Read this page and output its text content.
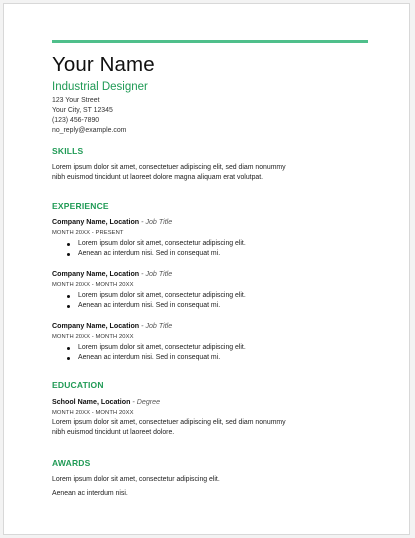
Your Name
Industrial Designer
123 Your Street
Your City, ST 12345
(123) 456-7890
no_reply@example.com
SKILLS
Lorem ipsum dolor sit amet, consectetuer adipiscing elit, sed diam nonummy
nibh euismod tincidunt ut laoreet dolore magna aliquam erat volutpat.
EXPERIENCE
Company Name, Location - Job Title
MONTH 20XX - PRESENT
Lorem ipsum dolor sit amet, consectetur adipiscing elit.
Aenean ac interdum nisi. Sed in consequat mi.
Company Name, Location - Job Title
MONTH 20XX - MONTH 20XX
Lorem ipsum dolor sit amet, consectetur adipiscing elit.
Aenean ac interdum nisi. Sed in consequat mi.
Company Name, Location - Job Title
MONTH 20XX - MONTH 20XX
Lorem ipsum dolor sit amet, consectetur adipiscing elit.
Aenean ac interdum nisi. Sed in consequat mi.
EDUCATION
School Name, Location - Degree
MONTH 20XX - MONTH 20XX
Lorem ipsum dolor sit amet, consectetuer adipiscing elit, sed diam nonummy
nibh euismod tincidunt ut laoreet dolore.
AWARDS
Lorem ipsum dolor sit amet, consectetur adipiscing elit.
Aenean ac interdum nisi.
